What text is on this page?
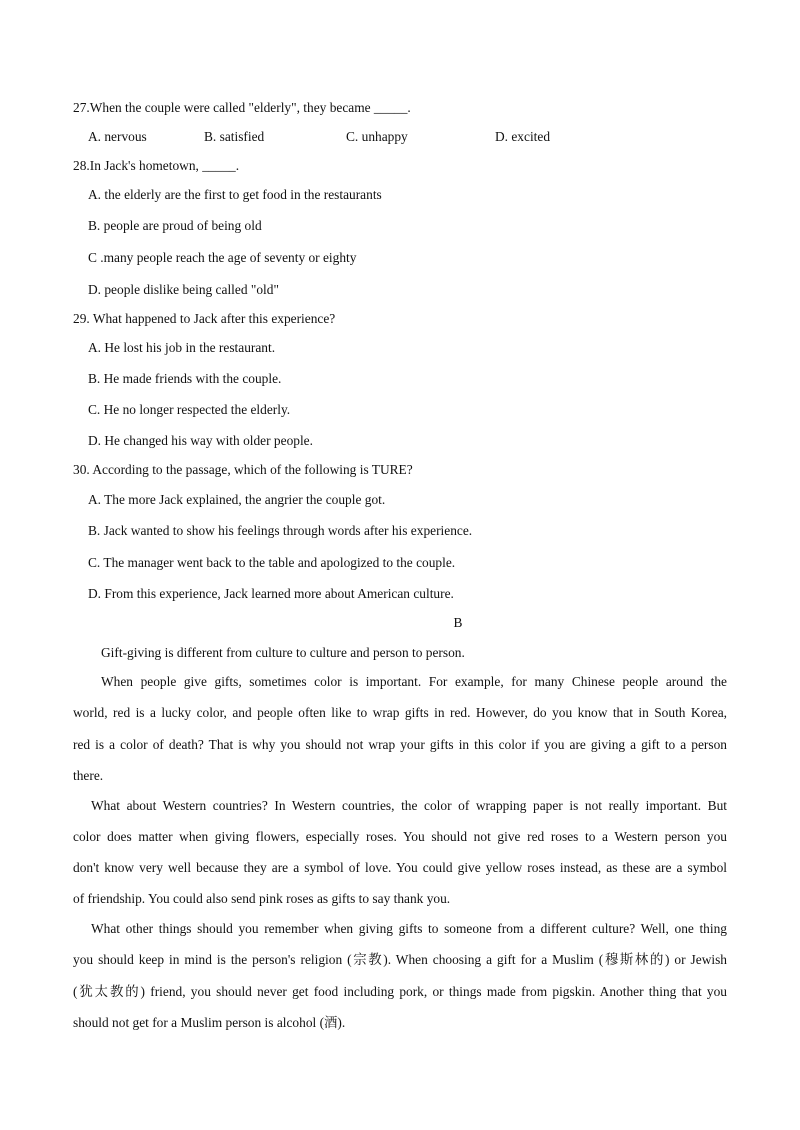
27.When the couple were called "elderly", they became _____.
A. nervous	B. satisfied	C. unhappy	D. excited
28.In Jack's hometown, _____.
A. the elderly are the first to get food in the restaurants
B. people are proud of being old
C .many people reach the age of seventy or eighty
D. people dislike being called "old"
29. What happened to Jack after this experience?
A. He lost his job in the restaurant.
B. He made friends with the couple.
C. He no longer respected the elderly.
D. He changed his way with older people.
30. According to the passage, which of the following is TURE?
A. The more Jack explained, the angrier the couple got.
B. Jack wanted to show his feelings through words after his experience.
C. The manager went back to the table and apologized to the couple.
D. From this experience, Jack learned more about American culture.
B
Gift-giving is different from culture to culture and person to person.
When people give gifts, sometimes color is important. For example, for many Chinese people around the
world, red is a lucky color, and people often like to wrap gifts in red. However, do you know that in South Korea,
red is a color of death? That is why you should not wrap your gifts in this color if you are giving a gift to a person
there.
What about Western countries? In Western countries, the color of wrapping paper is not really important. But
color does matter when giving flowers, especially roses. You should not give red roses to a Western person you
don't know very well because they are a symbol of love. You could give yellow roses instead, as these are a symbol
of friendship. You could also send pink roses as gifts to say thank you.
What other things should you remember when giving gifts to someone from a different culture? Well, one thing
you should keep in mind is the person's religion (宗教). When choosing a gift for a Muslim (穆斯林的) or Jewish
(犹太教的) friend, you should never get food including pork, or things made from pigskin. Another thing that you
should not get for a Muslim person is alcohol (酒).
